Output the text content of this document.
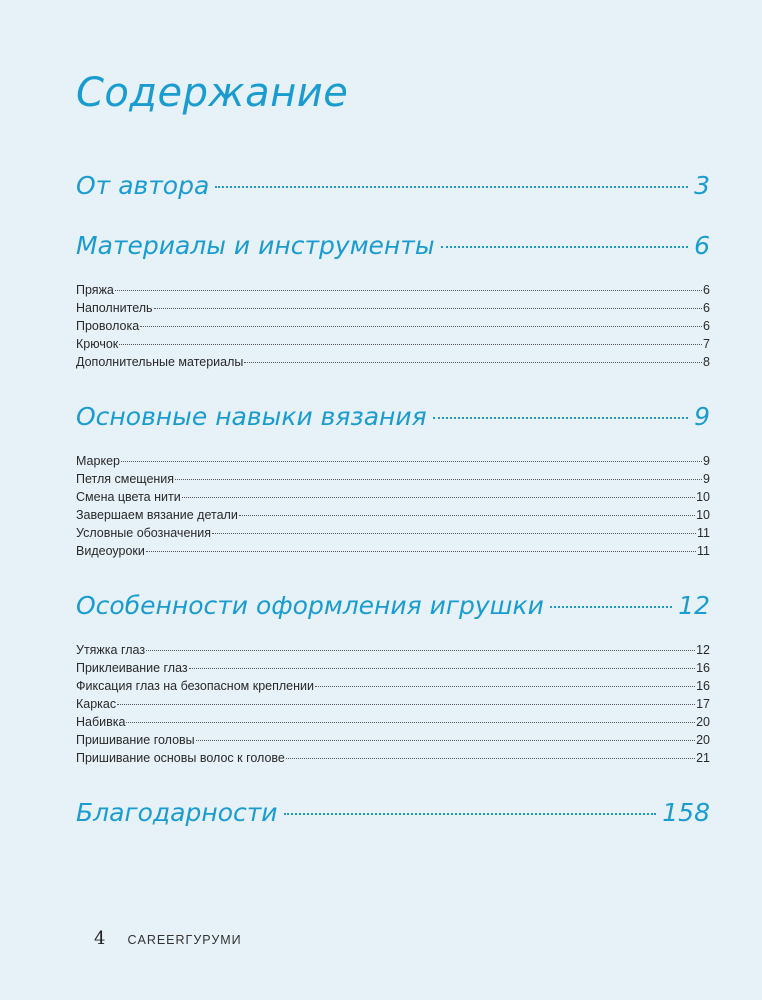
Содержание
От автора	3
Материалы и инструменты	6
Пряжа	6
Наполнитель	6
Проволока	6
Крючок	7
Дополнительные материалы	8
Основные навыки вязания	9
Маркер	9
Петля смещения	9
Смена цвета нити	10
Завершаем вязание детали	10
Условные обозначения	11
Видеоуроки	11
Особенности оформления игрушки	12
Утяжка глаз	12
Приклеивание глаз	16
Фиксация глаз на безопасном креплении	16
Каркас	17
Набивка	20
Пришивание головы	20
Пришивание основы волос к голове	21
Благодарности	158
4 CAREERГУРУМИ
